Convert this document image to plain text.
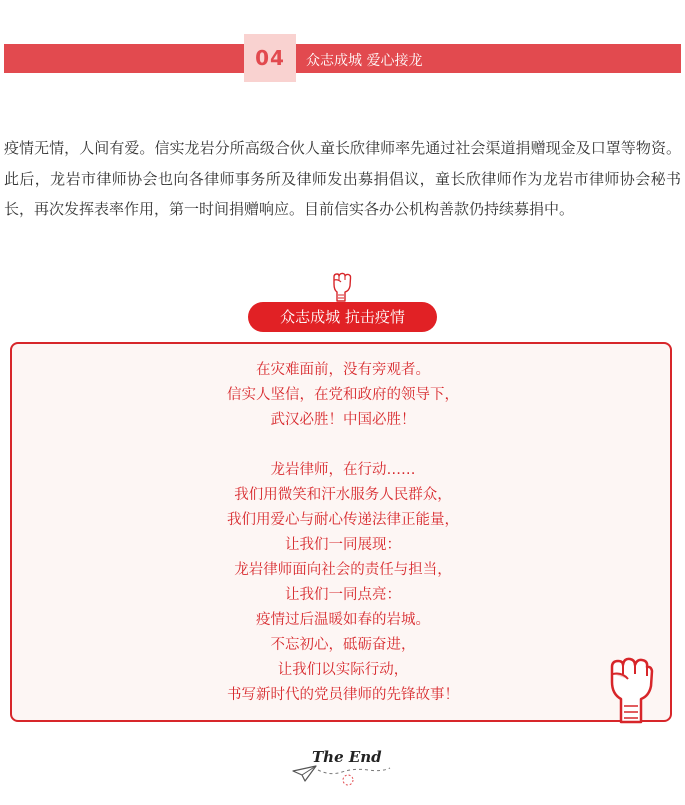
04	众志成城 爱心接龙

疫情无情，人间有爱。信实龙岩分所高级合伙人童长欣律师率先通过社会渠道捐赠现金及口罩等物资。此后，龙岩市律师协会也向各律师事务所及律师发出募捐倡议，童长欣律师作为龙岩市律师协会秘书长，再次发挥表率作用，第一时间捐赠响应。目前信实各办公机构善款仍持续募捐中。

众志成城 抗击疫情
在灾难面前，没有旁观者。
信实人坚信，在党和政府的领导下，
武汉必胜！中国必胜！
龙岩律师，在行动……
我们用微笑和汗水服务人民群众，
我们用爱心与耐心传递法律正能量，
让我们一同展现：
龙岩律师面向社会的责任与担当，
让我们一同点亮：
疫情过后温暖如春的岩城。
不忘初心，砥砺奋进，
让我们以实际行动，
书写新时代的党员律师的先锋故事！
The End
